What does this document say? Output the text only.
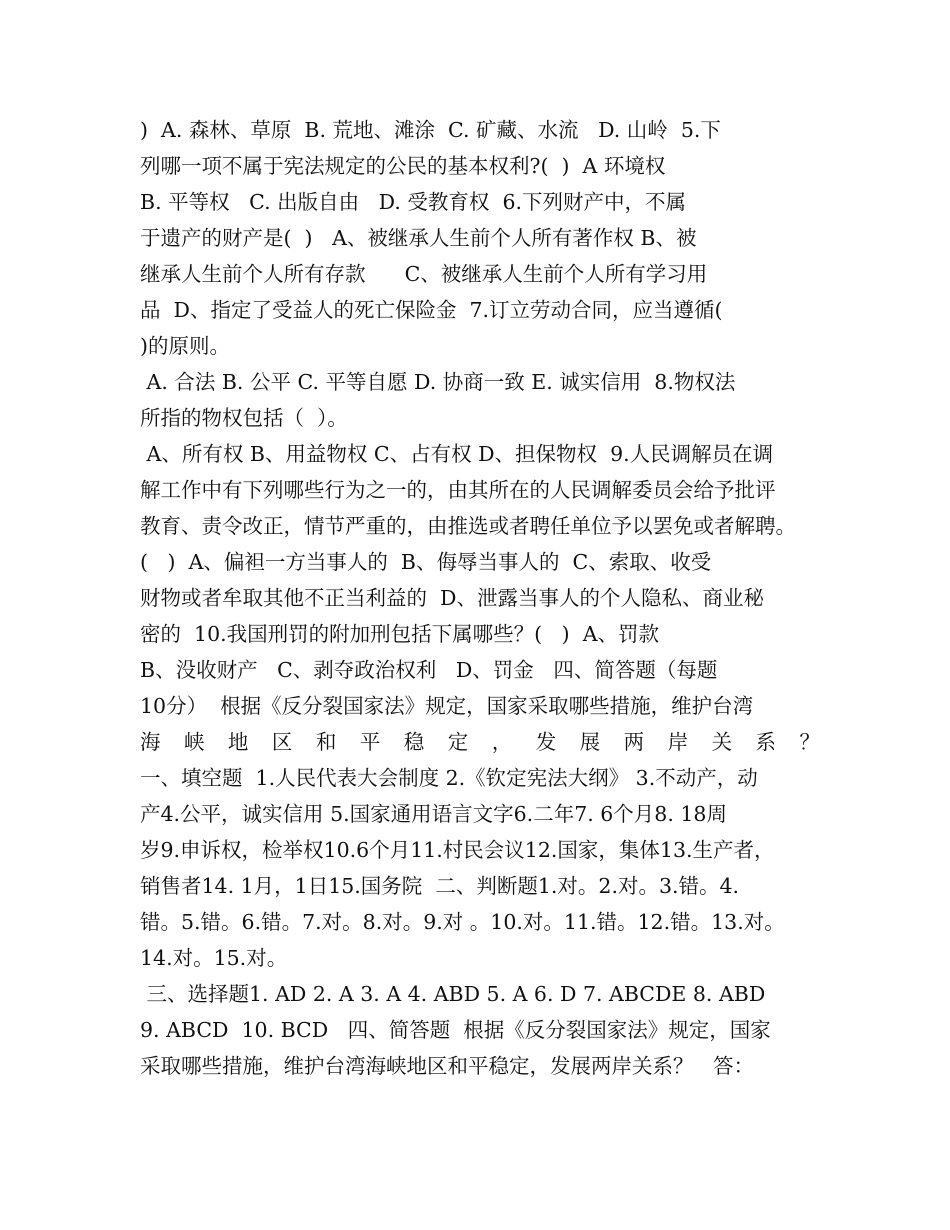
)  A. 森林、草原  B. 荒地、滩涂  C. 矿藏、水流   D. 山岭  5.下

列哪一项不属于宪法规定的公民的基本权利?(  )  A 环境权

B. 平等权   C. 出版自由   D. 受教育权  6.下列财产中，不属

于遗产的财产是(  )   A、被继承人生前个人所有著作权 B、被

继承人生前个人所有存款      C、被继承人生前个人所有学习用

品  D、指定了受益人的死亡保险金  7.订立劳动合同，应当遵循(

)的原则。

A. 合法 B. 公平 C. 平等自愿 D. 协商一致 E. 诚实信用  8.物权法

所指的物权包括（  ）。

A、所有权 B、用益物权 C、占有权 D、担保物权  9.人民调解员在调

解工作中有下列哪些行为之一的，由其所在的人民调解委员会给予批评

教育、责令改正，情节严重的，由推选或者聘任单位予以罢免或者解聘。

(   )  A、偏袒一方当事人的  B、侮辱当事人的  C、索取、收受

财物或者牟取其他不正当利益的  D、泄露当事人的个人隐私、商业秘

密的  10.我国刑罚的附加刑包括下属哪些？(   )  A、罚款

B、没收财产   C、剥夺政治权利   D、罚金   四、简答题（每题

10分）  根据《反分裂国家法》规定，国家采取哪些措施，维护台湾

海峡地区和平稳定，发展两岸关系？

一、填空题  1.人民代表大会制度 2.《钦定宪法大纲》 3.不动产，动

产4.公平，诚实信用 5.国家通用语言文字6.二年7. 6个月8. 18周

岁9.申诉权，检举权10.6个月11.村民会议12.国家，集体13.生产者，

销售者14. 1月，1日15.国务院  二、判断题1.对。2.对。3.错。4.

错。5.错。6.错。7.对。8.对。9.对 。10.对。11.错。12.错。13.对。

14.对。15.对。

三、选择题1. AD 2. A 3. A 4. ABD 5. A 6. D 7. ABCDE 8. ABD

9. ABCD  10. BCD   四、简答题  根据《反分裂国家法》规定，国家

采取哪些措施，维护台湾海峡地区和平稳定，发展两岸关系？   答：
